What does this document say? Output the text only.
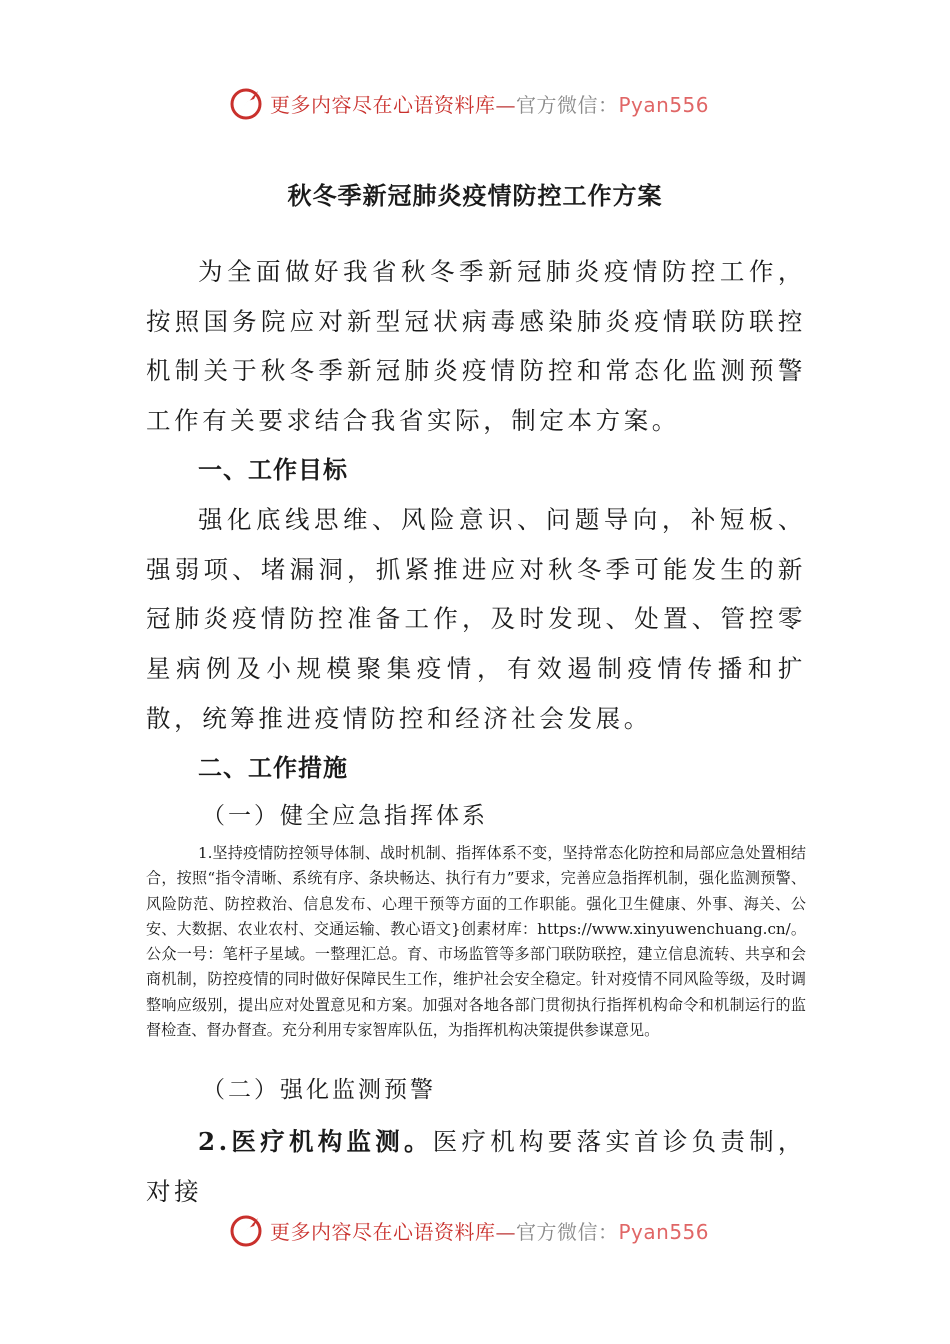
更多内容尽在心语资料库—官方微信：Pyan556
秋冬季新冠肺炎疫情防控工作方案

为全面做好我省秋冬季新冠肺炎疫情防控工作，按照国务院应对新型冠状病毒感染肺炎疫情联防联控机制关于秋冬季新冠肺炎疫情防控和常态化监测预警工作有关要求结合我省实际，制定本方案。

一、工作目标

强化底线思维、风险意识、问题导向，补短板、强弱项、堵漏洞，抓紧推进应对秋冬季可能发生的新冠肺炎疫情防控准备工作，及时发现、处置、管控零星病例及小规模聚集疫情，有效遏制疫情传播和扩散，统筹推进疫情防控和经济社会发展。

二、工作措施

（一）健全应急指挥体系

1.坚持疫情防控领导体制、战时机制、指挥体系不变，坚持常态化防控和局部应急处置相结合，按照“指令清晰、系统有序、条块畅达、执行有力”要求，完善应急指挥机制，强化监测预警、风险防范、防控救治、信息发布、心理干预等方面的工作职能。强化卫生健康、外事、海关、公安、大数据、农业农村、交通运输、教心语文}创素材库：https://www.xinyuwenchuang.cn/。公众一号：笔杆子星域。一整理汇总。育、市场监管等多部门联防联控，建立信息流转、共享和会商机制，防控疫情的同时做好保障民生工作，维护社会安全稳定。针对疫情不同风险等级，及时调整响应级别，提出应对处置意见和方案。加强对各地各部门贯彻执行指挥机构命令和机制运行的监督检查、督办督查。充分利用专家智库队伍，为指挥机构决策提供参谋意见。

（二）强化监测预警

2.医疗机构监测。医疗机构要落实首诊负责制，对接

更多内容尽在心语资料库—官方微信：Pyan556
